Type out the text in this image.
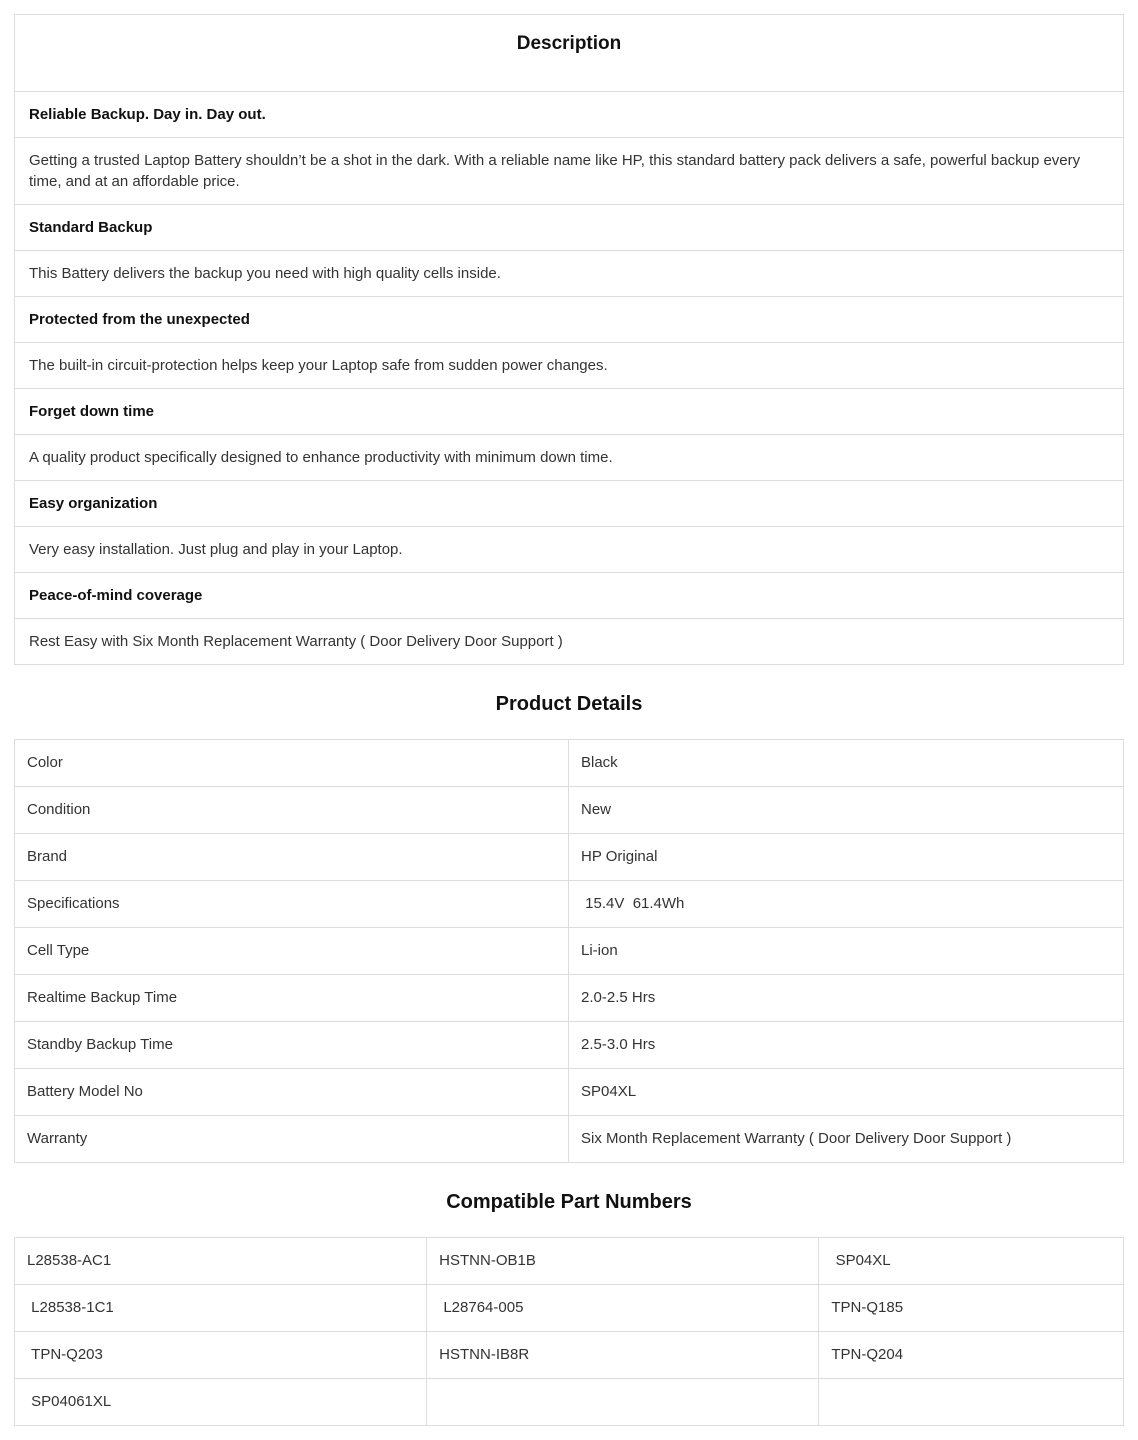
Description
Reliable Backup. Day in. Day out.
Getting a trusted Laptop Battery shouldn’t be a shot in the dark. With a reliable name like HP, this standard battery pack delivers a safe, powerful backup every time, and at an affordable price.
Standard Backup
This Battery delivers the backup you need with high quality cells inside.
Protected from the unexpected
The built-in circuit-protection helps keep your Laptop safe from sudden power changes.
Forget down time
A quality product specifically designed to enhance productivity with minimum down time.
Easy organization
Very easy installation. Just plug and play in your Laptop.
Peace-of-mind coverage
Rest Easy with Six Month Replacement Warranty ( Door Delivery Door Support )
Product Details
Color	Black
Condition	New
Brand	HP Original
Specifications	15.4V  61.4Wh
Cell Type	Li-ion
Realtime Backup Time	2.0-2.5 Hrs
Standby Backup Time	2.5-3.0 Hrs
Battery Model No	SP04XL
Warranty	Six Month Replacement Warranty ( Door Delivery Door Support )
Compatible Part Numbers
L28538-AC1	HSTNN-OB1B	SP04XL
L28538-1C1	L28764-005	TPN-Q185
TPN-Q203	HSTNN-IB8R	TPN-Q204
SP04061XL
